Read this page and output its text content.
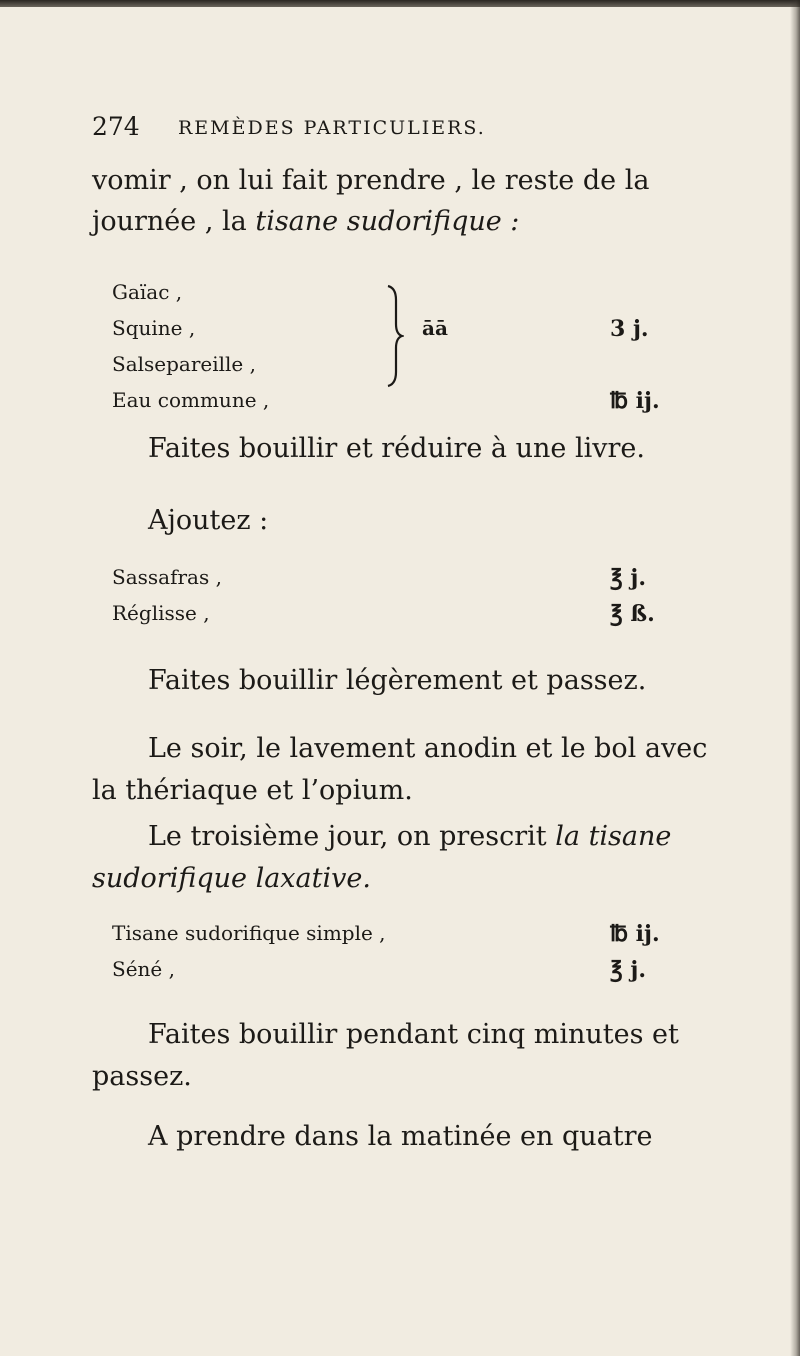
274 REMÈDES PARTICULIERS.
vomir , on lui fait prendre , le reste de la
journée , la tisane sudorifique :
Gaïac ,
Squine ,
Salsepareille ,
āā	3 j.
Eau commune ,	℔ ij.
Faites bouillir et réduire à une livre.
Ajoutez :
Sassafras ,	℥ j.
Réglisse ,	℥ ß.
Faites bouillir légèrement et passez.
Le soir, le lavement anodin et le bol avec
la thériaque et l’opium.
Le troisième jour, on prescrit la tisane
sudorifique laxative.
Tisane sudorifique simple ,	℔ ij.
Séné ,	℥ j.
Faites bouillir pendant cinq minutes et
passez.
A prendre dans la matinée en quatre
